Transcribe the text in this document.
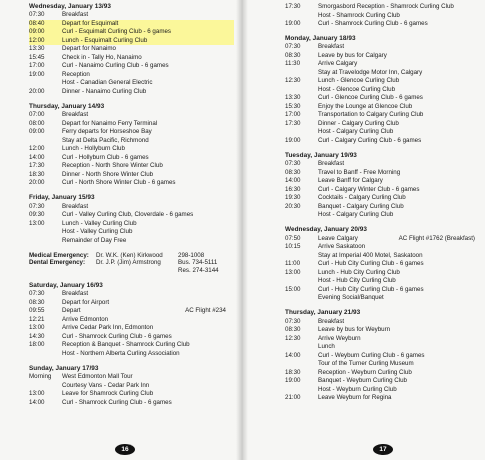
Wednesday, January 13/93
07:30	Breakfast
08:40	Depart for Esquimalt
09:00	Curl - Esquimalt Curling Club - 6 games
12:00	Lunch - Esquimalt Curling Club
13:30	Depart for Nanaimo
15:45	Check in - Tally Ho, Nanaimo
17:00	Curl - Nanaimo Curling Club - 6 games
19:00	Reception
Host - Canadian General Electric
20:00	Dinner - Nanaimo Curling Club
Thursday, January 14/93
07:00	Breakfast
08:00	Depart for Nanaimo Ferry Terminal
09:00	Ferry departs for Horseshoe Bay
Stay at Delta Pacific, Richmond
12:00	Lunch - Hollyburn Club
14:00	Curl - Hollyburn Club - 6 games
17:30	Reception - North Shore Winter Club
18:30	Dinner - North Shore Winter Club
20:00	Curl - North Shore Winter Club - 6 games
Friday, January 15/93
07:30	Breakfast
09:30	Curl - Valley Curling Club, Cloverdale - 6 games
13:00	Lunch - Valley Curling Club
Host - Valley Curling Club
Remainder of Day Free
Medical Emergency:	Dr. W.K. (Ken) Kirkwood	298-1008
Dental Emergency:	Dr. J.P. (Jim) Armstrong	Bus. 734-5111
Res. 274-3144
Saturday, January 16/93
07:30	Breakfast
08:30	Depart for Airport
09:55	Depart	AC Flight #234
12:21	Arrive Edmonton
13:00	Arrive Cedar Park Inn, Edmonton
14:30	Curl - Shamrock Curling Club - 6 games
18:00	Reception & Banquet - Shamrock Curling Club
Host - Northern Alberta Curling Association
Sunday, January 17/93
Morning	West Edmonton Mall Tour
Courtesy Vans - Cedar Park Inn
13:00	Leave for Shamrock Curling Club
14:00	Curl - Shamrock Curling Club - 6 games
16
17:30	Smorgasbord Reception - Shamrock Curling Club
Host - Shamrock Curling Club
19:00	Curl - Shamrock Curling Club - 6 games
Monday, January 18/93
07:30	Breakfast
08:30	Leave by bus for Calgary
11:30	Arrive Calgary
Stay at Travelodge Motor Inn, Calgary
12:30	Lunch - Glencoe Curling Club
Host - Glencoe Curling Club
13:30	Curl - Glencoe Curling Club - 6 games
15:30	Enjoy the Lounge at Glencoe Club
17:00	Transportation to Calgary Curling Club
17:30	Dinner - Calgary Curling Club
Host - Calgary Curling Club
19:00	Curl - Calgary Curling Club - 6 games
Tuesday, January 19/93
07:30	Breakfast
08:30	Travel to Banff - Free Morning
14:00	Leave Banff for Calgary
16:30	Curl - Calgary Winter Club - 6 games
19:30	Cocktails - Calgary Curling Club
20:30	Banquet - Calgary Curling Club
Host - Calgary Curling Club
Wednesday, January 20/93
07:50	Leave Calgary	AC Flight #1762 (Breakfast)
10:15	Arrive Saskatoon
Stay at Imperial 400 Motel, Saskatoon
11:00	Curl - Hub City Curling Club - 6 games
13:00	Lunch - Hub City Curling Club
Host - Hub City Curling Club
15:00	Curl - Hub City Curling Club - 6 games
Evening Social/Banquet
Thursday, January 21/93
07:30	Breakfast
08:30	Leave by bus for Weyburn
12:30	Arrive Weyburn
Lunch
14:00	Curl - Weyburn Curling Club - 6 games
Tour of the Turner Curling Museum
18:30	Reception - Weyburn Curling Club
19:00	Banquet - Weyburn Curling Club
Host - Weyburn Curling Club
21:00	Leave Weyburn for Regina
17
